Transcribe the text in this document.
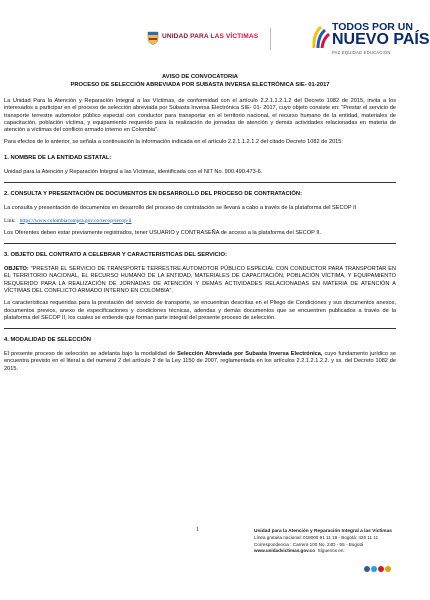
UNIDAD PARA LAS VÍCTIMAS
TODOS POR UN
NUEVO PAÍS
PAZ EQUIDAD EDUCACIÓN
AVISO DE CONVOCATORIA
PROCESO DE SELECCIÓN ABREVIADA POR SUBASTA INVERSA ELECTRÓNICA SIE- 01-2017

La Unidad Para la Atención y Reparación Integral a las Víctimas, de conformidad con el artículo 2.2.1.1.2.1.2 del Decreto 1082 de 2015, invita a los interesados a participar en el proceso de selección abreviada por Subasta Inversa Electrónica SIE- 01- 2017, cuyo objeto consiste en: "Prestar el servicio de transporte terrestre automotor público especial con conductor para transportar en el territorio nacional, el recurso humano de la entidad, materiales de capacitación, población víctima, y equipamiento requerido para la realización de jornadas de atención y demás actividades relacionadas en materia de atención a víctimas del conflicto armado interno en Colombia".

Para efectos de lo anterior, se señala a continuación la información indicada en el artículo 2.2.1.1.2.1.2 del citado Decreto 1082 de 2015:

1. NOMBRE DE LA ENTIDAD ESTATAL:

Unidad para la Atención y Reparación Integral a las Víctimas, identificada con el NIT No. 900.490.473-6.

2. CONSULTA Y PRESENTACIÓN DE DOCUMENTOS EN DESARROLLO DEL PROCESO DE CONTRATACIÓN:

La consulta y presentación de documentos en desarrollo del proceso de contratación se llevará a cabo a través de la plataforma del SECOP II

Link: https://www.colombiacompra.gov.co/secop/secop-ii

Los Oferentes deben estar previamente registrados, tener USUARIO y CONTRASEÑA de acceso a la plataforma del SECOP II.

3. OBJETO DEL CONTRATO A CELEBRAR Y CARACTERISTICAS DEL SERVICIO:

OBJETO: "PRESTAR EL SERVICIO DE TRANSPORTE TERRESTRE AUTOMOTOR PÚBLICO ESPECIAL CON CONDUCTOR PARA TRANSPORTAR EN EL TERRITORIO NACIONAL, EL RECURSO HUMANO DE LA ENTIDAD, MATERIALES DE CAPACITACIÓN, POBLACIÓN VÍCTIMA, Y EQUIPAMIENTO REQUERIDO PARA LA REALIZACIÓN DE JORNADAS DE ATENCIÓN Y DEMÁS ACTIVIDADES RELACIONADAS EN MATERIA DE ATENCIÓN A VÍCTIMAS DEL CONFLICTO ARMADO INTERNO EN COLOMBIA".

La características requeridas para la prestación del servicio de transporte, se encuentran descritas en el Pliego de Condiciones y sus documentos anexos, documentos previos, anexo de especificaciones y condiciones técnicas, adendas y demás documentos que se encuentren publicados a través de la plataforma del SECOP II, los cuales se entiende que forman parte integral del presente proceso de selección.

4. MODALIDAD DE SELECCIÓN

El presente proceso de selección se adelanta bajo la modalidad de Selección Abreviada por Subasta Inversa Electrónica, cuyo fundamento jurídico se encuentra previsto en el literal a del numeral 2 del artículo 2 de la Ley 1150 de 2007, reglamentada en los artículos 2.2.1.2.1.2.2. y ss. del Decreto 1082 de 2015.

1	Unidad para la Atención y Reparación Integral a las Víctimas
Línea gratuita nacional: 018000 91 11 19 - Bogotá: 426 11 11
Correspondencia : Carrera 100 No. 24D - 55 - Bogotá
www.unidadvictimas.gov.co Síguenos en:
